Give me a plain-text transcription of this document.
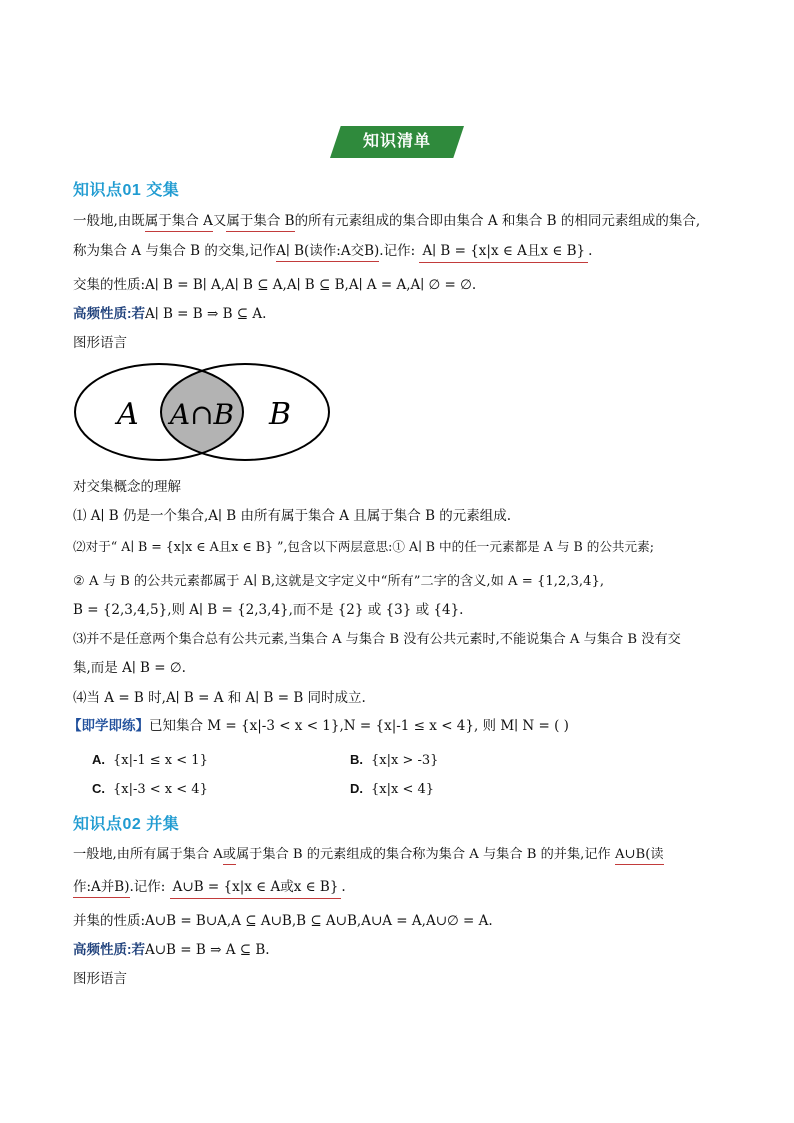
知识清单
知识点01 交集
一般地,由既属于集合 A又属于集合 B的所有元素组成的集合即由集合 A 和集合 B 的相同元素组成的集合,
称为集合 A 与集合 B 的交集,记作A∣ B(读作:A交B).记作: A∣ B = {x|x ∈ A且x ∈ B} .
交集的性质:A∣ B = B∣ A,A∣ B ⊆ A,A∣ B ⊆ B,A∣ A = A,A∣ ∅ = ∅.
高频性质:若A∣ B = B ⇒ B ⊆ A.
图形语言
A A∩B B
对交集概念的理解
⑴ A∣ B 仍是一个集合,A∣ B 由所有属于集合 A 且属于集合 B 的元素组成.
⑵对于“ A∣ B = {x|x ∈ A且x ∈ B} ”,包含以下两层意思:① A∣ B 中的任一元素都是 A 与 B 的公共元素;
② A 与 B 的公共元素都属于 A∣ B,这就是文字定义中“所有”二字的含义,如 A = {1,2,3,4},
B = {2,3,4,5},则 A∣ B = {2,3,4},而不是 {2} 或 {3} 或 {4}.
⑶并不是任意两个集合总有公共元素,当集合 A 与集合 B 没有公共元素时,不能说集合 A 与集合 B 没有交
集,而是 A∣ B = ∅.
⑷当 A = B 时,A∣ B = A 和 A∣ B = B 同时成立.
【即学即练】已知集合 M = {x|-3 < x < 1},N = {x|-1 ≤ x < 4}, 则 M∣ N = ( )
A. {x|-1 ≤ x < 1}	B. {x|x > -3}
C. {x|-3 < x < 4}	D. {x|x < 4}
知识点02 并集
一般地,由所有属于集合 A或属于集合 B 的元素组成的集合称为集合 A 与集合 B 的并集,记作 A∪B(读
作:A并B).记作: A∪B = {x|x ∈ A或x ∈ B} .
并集的性质:A∪B = B∪A,A ⊆ A∪B,B ⊆ A∪B,A∪A = A,A∪∅ = A.
高频性质:若A∪B = B ⇒ A ⊆ B.
图形语言
